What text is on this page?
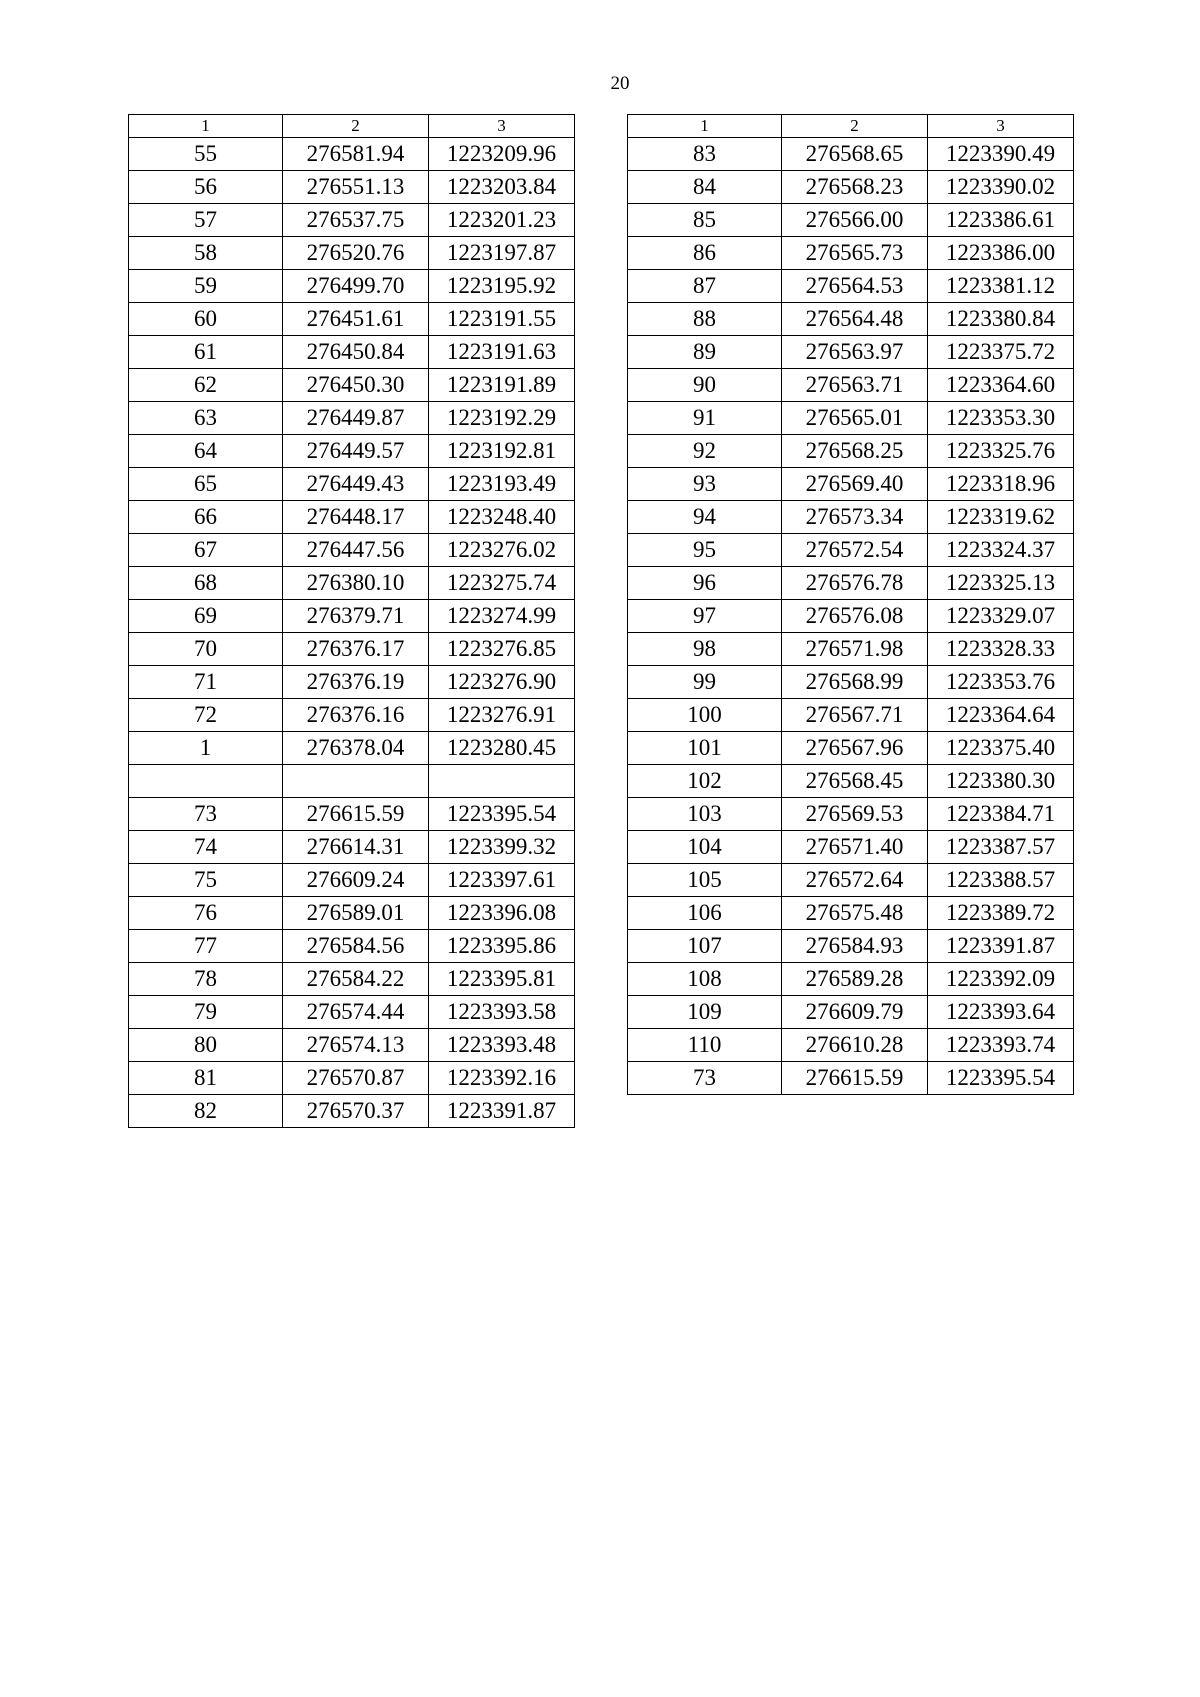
20
1	2	3
55	276581.94	1223209.96
56	276551.13	1223203.84
57	276537.75	1223201.23
58	276520.76	1223197.87
59	276499.70	1223195.92
60	276451.61	1223191.55
61	276450.84	1223191.63
62	276450.30	1223191.89
63	276449.87	1223192.29
64	276449.57	1223192.81
65	276449.43	1223193.49
66	276448.17	1223248.40
67	276447.56	1223276.02
68	276380.10	1223275.74
69	276379.71	1223274.99
70	276376.17	1223276.85
71	276376.19	1223276.90
72	276376.16	1223276.91
1	276378.04	1223280.45

73	276615.59	1223395.54
74	276614.31	1223399.32
75	276609.24	1223397.61
76	276589.01	1223396.08
77	276584.56	1223395.86
78	276584.22	1223395.81
79	276574.44	1223393.58
80	276574.13	1223393.48
81	276570.87	1223392.16
82	276570.37	1223391.87
1	2	3
83	276568.65	1223390.49
84	276568.23	1223390.02
85	276566.00	1223386.61
86	276565.73	1223386.00
87	276564.53	1223381.12
88	276564.48	1223380.84
89	276563.97	1223375.72
90	276563.71	1223364.60
91	276565.01	1223353.30
92	276568.25	1223325.76
93	276569.40	1223318.96
94	276573.34	1223319.62
95	276572.54	1223324.37
96	276576.78	1223325.13
97	276576.08	1223329.07
98	276571.98	1223328.33
99	276568.99	1223353.76
100	276567.71	1223364.64
101	276567.96	1223375.40
102	276568.45	1223380.30
103	276569.53	1223384.71
104	276571.40	1223387.57
105	276572.64	1223388.57
106	276575.48	1223389.72
107	276584.93	1223391.87
108	276589.28	1223392.09
109	276609.79	1223393.64
110	276610.28	1223393.74
73	276615.59	1223395.54
